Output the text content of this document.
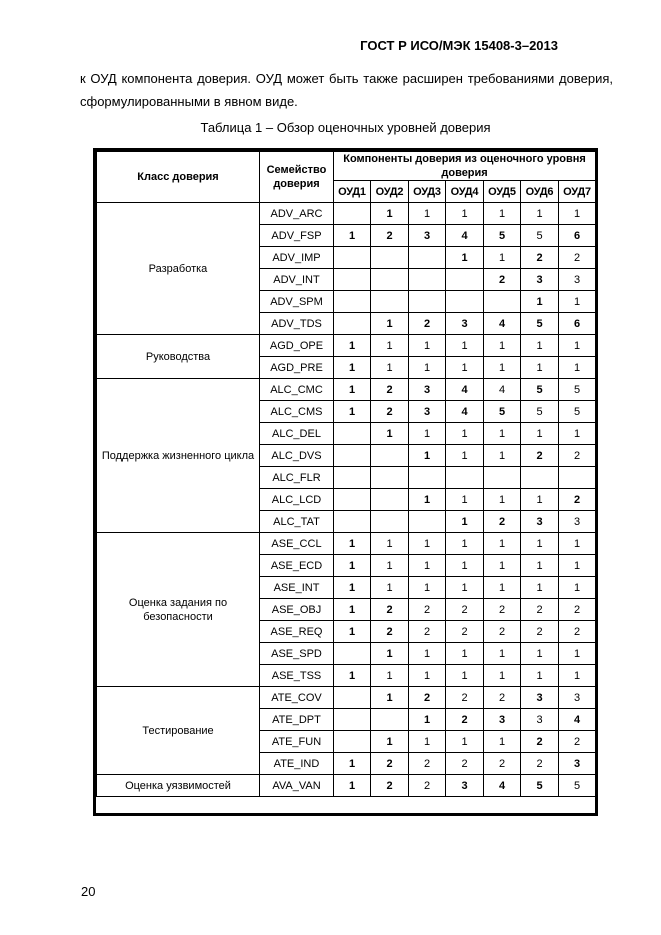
ГОСТ Р ИСО/МЭК 15408-3–2013
к ОУД компонента доверия. ОУД может быть также расширен требованиями доверия, сформулированными в явном виде.
Таблица 1 – Обзор оценочных уровней доверия
Класс доверия	Семейство доверия	Компоненты доверия из оценочного уровня доверия						
		ОУД1	ОУД2	ОУД3	ОУД4	ОУД5	ОУД6	ОУД7
Разработка	ADV_ARC		1	1	1	1	1	1
	ADV_FSP	1	2	3	4	5	5	6
	ADV_IMP				1	1	2	2
	ADV_INT					2	3	3
	ADV_SPM						1	1
	ADV_TDS		1	2	3	4	5	6
Руководства	AGD_OPE	1	1	1	1	1	1	1
	AGD_PRE	1	1	1	1	1	1	1
Поддержка жизненного цикла	ALC_CMC	1	2	3	4	4	5	5
	ALC_CMS	1	2	3	4	5	5	5
	ALC_DEL		1	1	1	1	1	1
	ALC_DVS			1	1	1	2	2
	ALC_FLR							
	ALC_LCD			1	1	1	1	2
	ALC_TAT				1	2	3	3
Оценка задания по безопасности	ASE_CCL	1	1	1	1	1	1	1
	ASE_ECD	1	1	1	1	1	1	1
	ASE_INT	1	1	1	1	1	1	1
	ASE_OBJ	1	2	2	2	2	2	2
	ASE_REQ	1	2	2	2	2	2	2
	ASE_SPD		1	1	1	1	1	1
	ASE_TSS	1	1	1	1	1	1	1
Тестирование	ATE_COV		1	2	2	2	3	3
	ATE_DPT			1	2	3	3	4
	ATE_FUN		1	1	1	1	2	2
	ATE_IND	1	2	2	2	2	2	3
Оценка уязвимостей	AVA_VAN	1	2	2	3	4	5	5
20
